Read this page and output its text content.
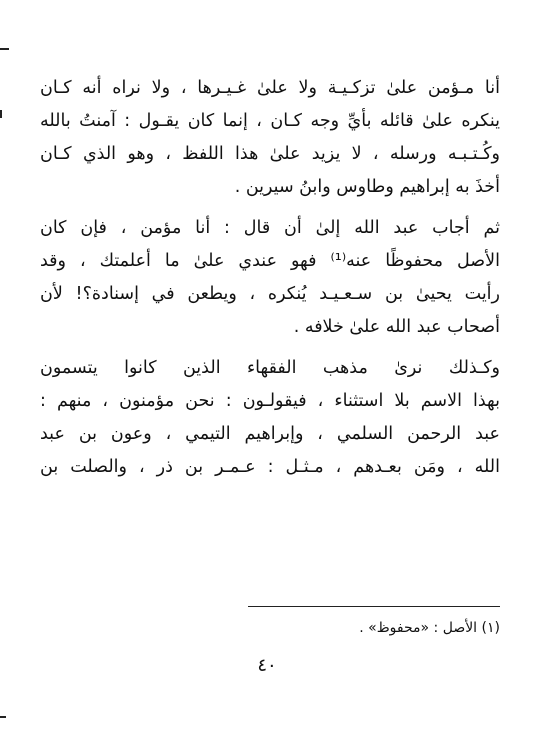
أنا مـؤمن علىٰ تزكـيـة ولا علىٰ غـيـرها ، ولا نراه أنه كـان
ينكره علىٰ قائله بأيِّ وجه كـان ، إنما كان يقـول : آمنتُ بالله
وكُـتـبـه ورسله ، لا يزيد علىٰ هذا اللفظ ، وهو الذي كـان
أخذَ به إبراهيم وطاوس وابنُ سيرين .
ثم أجاب عبد الله إلىٰ أن قال : أنا مؤمن ، فإن كان
الأصل محفوظًا عنه⁽¹⁾ فهو عندي علىٰ ما أعلمتك ، وقد
رأيت يحيىٰ بن سـعـيـد يُنكره ، ويطعن في إسنادة؟! لأن
أصحاب عبد الله علىٰ خلافه .
وكـذلك نرىٰ مذهب الفقهاء الذين كانوا يتسمون
بهذا الاسم بلا استثناء ، فيقولـون : نحن مؤمنون ، منهم :
عبد الرحمن السلمي ، وإبراهيم التيمي ، وعون بن عبد
الله ، ومَن بعـدهم ، مـثـل : عـمـر بن ذر ، والصلت بن
(١) الأصل : «محفوظ» .
٤٠
